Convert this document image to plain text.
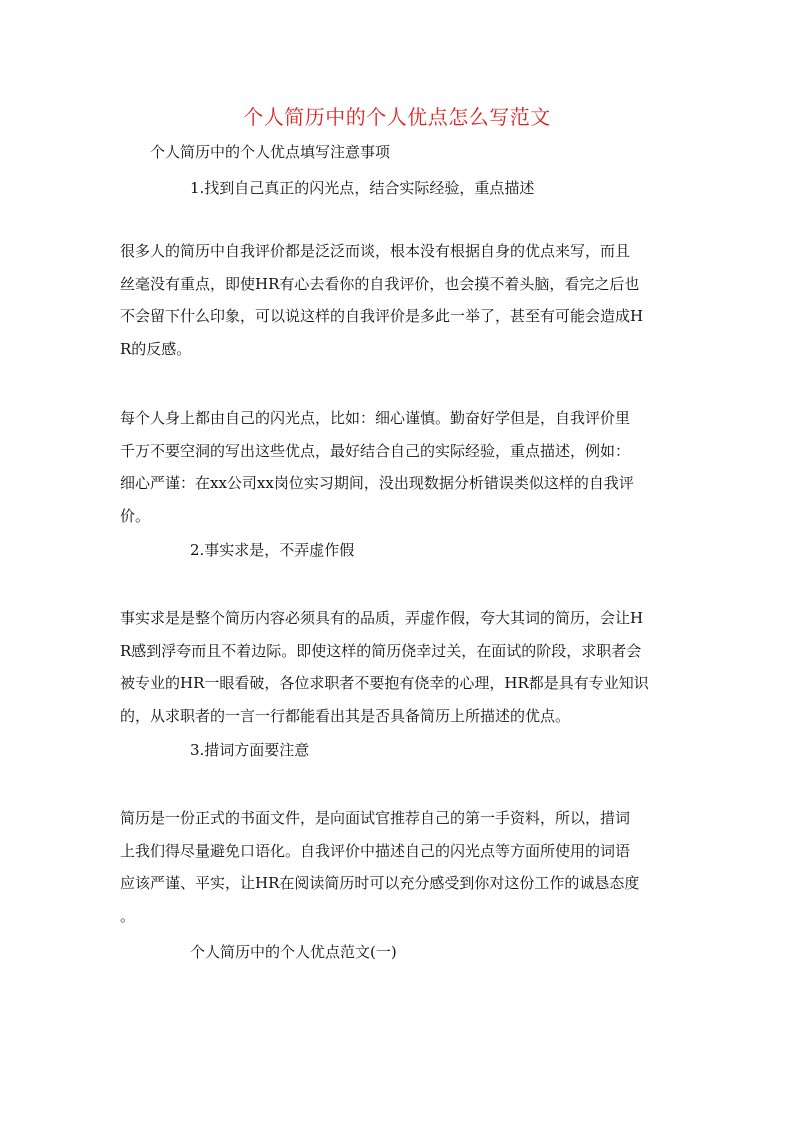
个人简历中的个人优点怎么写范文
个人简历中的个人优点填写注意事项
1.找到自己真正的闪光点，结合实际经验，重点描述
很多人的简历中自我评价都是泛泛而谈，根本没有根据自身的优点来写，而且
丝毫没有重点，即使HR有心去看你的自我评价，也会摸不着头脑，看完之后也
不会留下什么印象，可以说这样的自我评价是多此一举了，甚至有可能会造成H
R的反感。
每个人身上都由自己的闪光点，比如：细心谨慎。勤奋好学但是，自我评价里
千万不要空洞的写出这些优点，最好结合自己的实际经验，重点描述，例如：
细心严谨：在xx公司xx岗位实习期间，没出现数据分析错误类似这样的自我评
价。
2.事实求是，不弄虚作假
事实求是是整个简历内容必须具有的品质，弄虚作假，夸大其词的简历，会让H
R感到浮夸而且不着边际。即使这样的简历侥幸过关，在面试的阶段，求职者会
被专业的HR一眼看破，各位求职者不要抱有侥幸的心理，HR都是具有专业知识
的，从求职者的一言一行都能看出其是否具备简历上所描述的优点。
3.措词方面要注意
简历是一份正式的书面文件，是向面试官推荐自己的第一手资料，所以，措词
上我们得尽量避免口语化。自我评价中描述自己的闪光点等方面所使用的词语
应该严谨、平实，让HR在阅读简历时可以充分感受到你对这份工作的诚恳态度
。
个人简历中的个人优点范文(一)
